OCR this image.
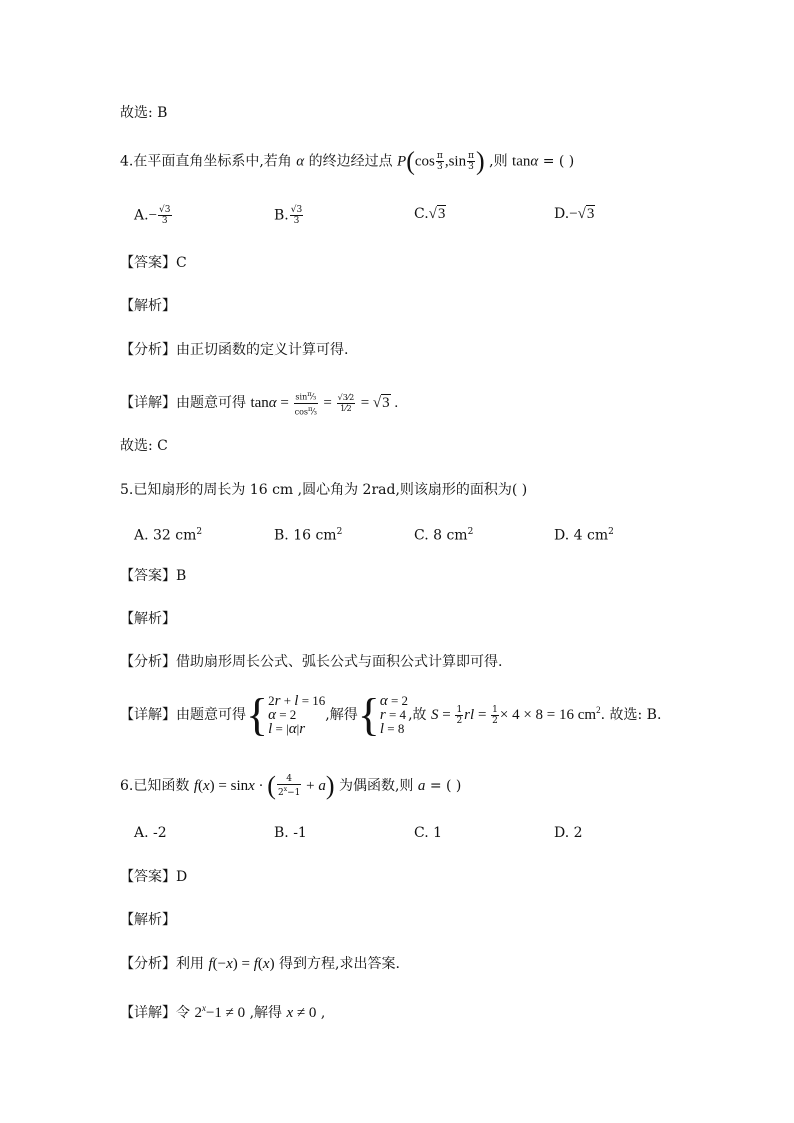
故选: B
4.在平面直角坐标系中,若角 α 的终边经过点 $P(\cos \frac{\pi}{3} ,\sin \frac{\pi}{3}$ ) ,则 tanα = ( )
$A.- \frac{√3}{3}$	B. $\frac{√3}{3}$	C.√3	D.−√3
【答案】C
【解析】
【分析】由正切函数的定义计算可得.
【详解】由题意可得 $\tan\alpha = \frac{\sin^\pi⁄_3}{\cos^\pi⁄_3} = \frac{√3⁄2}{1⁄2} = √3$ .
故选: C
5.已知扇形的周长为 16 cm ,圆心角为 2rad,则该扇形的面积为( )
A. 32 $cm^2$	B. 16 $cm^2$	C. 8 $cm^2$	D. 4 $cm^2$
【答案】B
【解析】
【分析】借助扇形周长公式、弧长公式与面积公式计算即可得.
【详解】由题意可得{ 2r + l = 16
α = 2
l = |α|r
,解得{ α = 2
r = 4
l = 8
,故 $S = \frac{1}{2}$ rl = $\frac{1}{2} \times 4 \times 8 = 16$ $cm^2$. 故选: B.
6.已知函数 f(x) = sinx · ( $\frac{4}{2^x-1} + a$) 为偶函数,则 a = ( )
A. -2	B. -1	C. 1	D. 2
【答案】D
【解析】
【分析】利用 f(−x) = f(x) 得到方程,求出答案.
【详解】令 $2^x-1 \ne 0$ ,解得 x ≠ 0 ,
